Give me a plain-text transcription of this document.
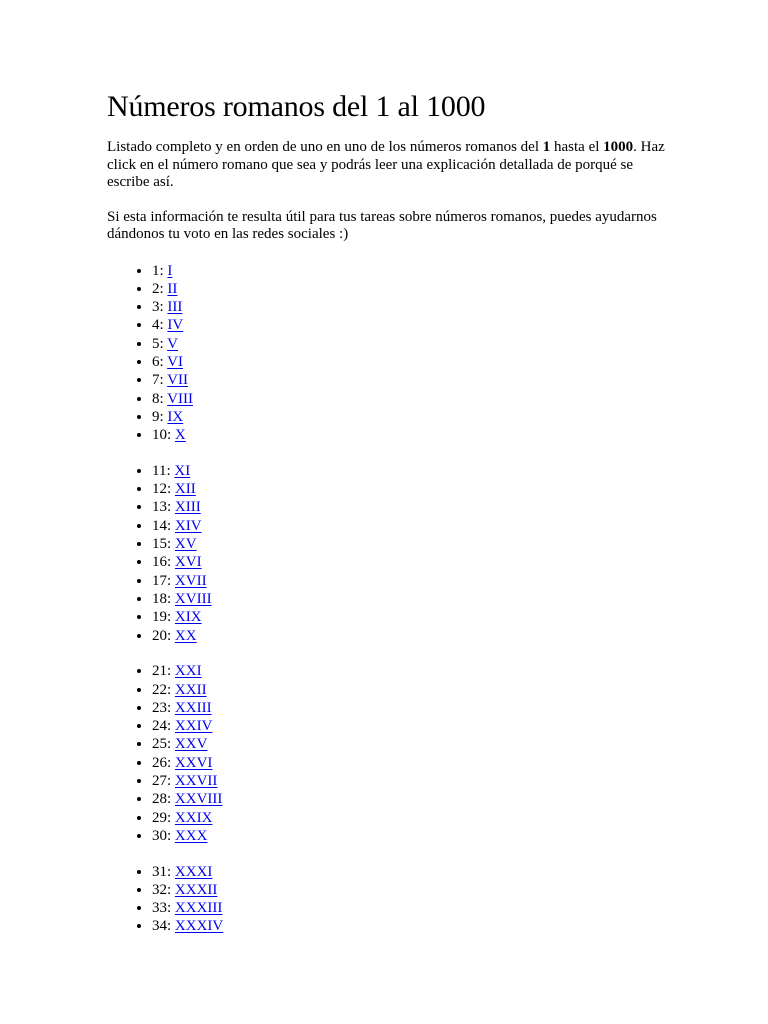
Números romanos del 1 al 1000

Listado completo y en orden de uno en uno de los números romanos del 1 hasta el 1000. Haz click en el número romano que sea y podrás leer una explicación detallada de porqué se escribe así.

Si esta información te resulta útil para tus tareas sobre números romanos, puedes ayudarnos dándonos tu voto en las redes sociales :)

• 1: I
• 2: II
• 3: III
• 4: IV
• 5: V
• 6: VI
• 7: VII
• 8: VIII
• 9: IX
• 10: X
• 11: XI
• 12: XII
• 13: XIII
• 14: XIV
• 15: XV
• 16: XVI
• 17: XVII
• 18: XVIII
• 19: XIX
• 20: XX
• 21: XXI
• 22: XXII
• 23: XXIII
• 24: XXIV
• 25: XXV
• 26: XXVI
• 27: XXVII
• 28: XXVIII
• 29: XXIX
• 30: XXX
• 31: XXXI
• 32: XXXII
• 33: XXXIII
• 34: XXXIV
